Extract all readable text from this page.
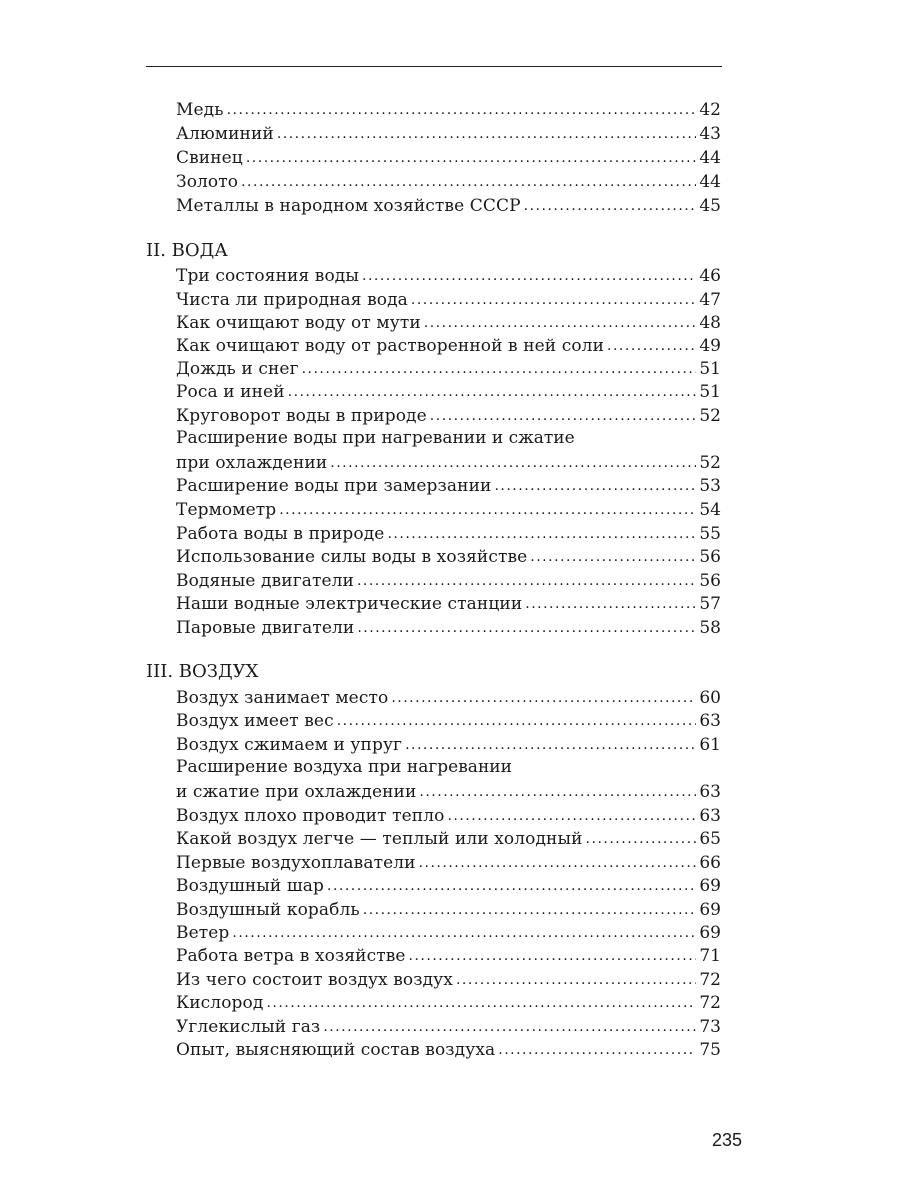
Медь .....	42
Алюминий .....	43
Свинец .....	44
Золото .....	44
Металлы в народном хозяйстве СССР .....	45
II. ВОДА
Три состояния воды .....	46
Чиста ли природная вода .....	47
Как очищают воду от мути .....	48
Как очищают воду от растворенной в ней соли .....	49
Дождь и снег .....	51
Роса и иней .....	51
Круговорот воды в природе .....	52
Расширение воды при нагревании и сжатие
при охлаждении .....	52
Расширение воды при замерзании .....	53
Термометр .....	54
Работа воды в природе .....	55
Использование силы воды в хозяйстве .....	56
Водяные двигатели .....	56
Наши водные электрические станции .....	57
Паровые двигатели .....	58
III. ВОЗДУХ
Воздух занимает место .....	60
Воздух имеет вес .....	63
Воздух сжимаем и упруг .....	61
Расширение воздуха при нагревании
и сжатие при охлаждении .....	63
Воздух плохо проводит тепло .....	63
Какой воздух легче — теплый или холодный .....	65
Первые воздухоплаватели .....	66
Воздушный шар .....	69
Воздушный корабль .....	69
Ветер .....	69
Работа ветра в хозяйстве .....	71
Из чего состоит воздух воздух .....	72
Кислород .....	72
Углекислый газ .....	73
Опыт, выясняющий состав воздуха .....	75
235
